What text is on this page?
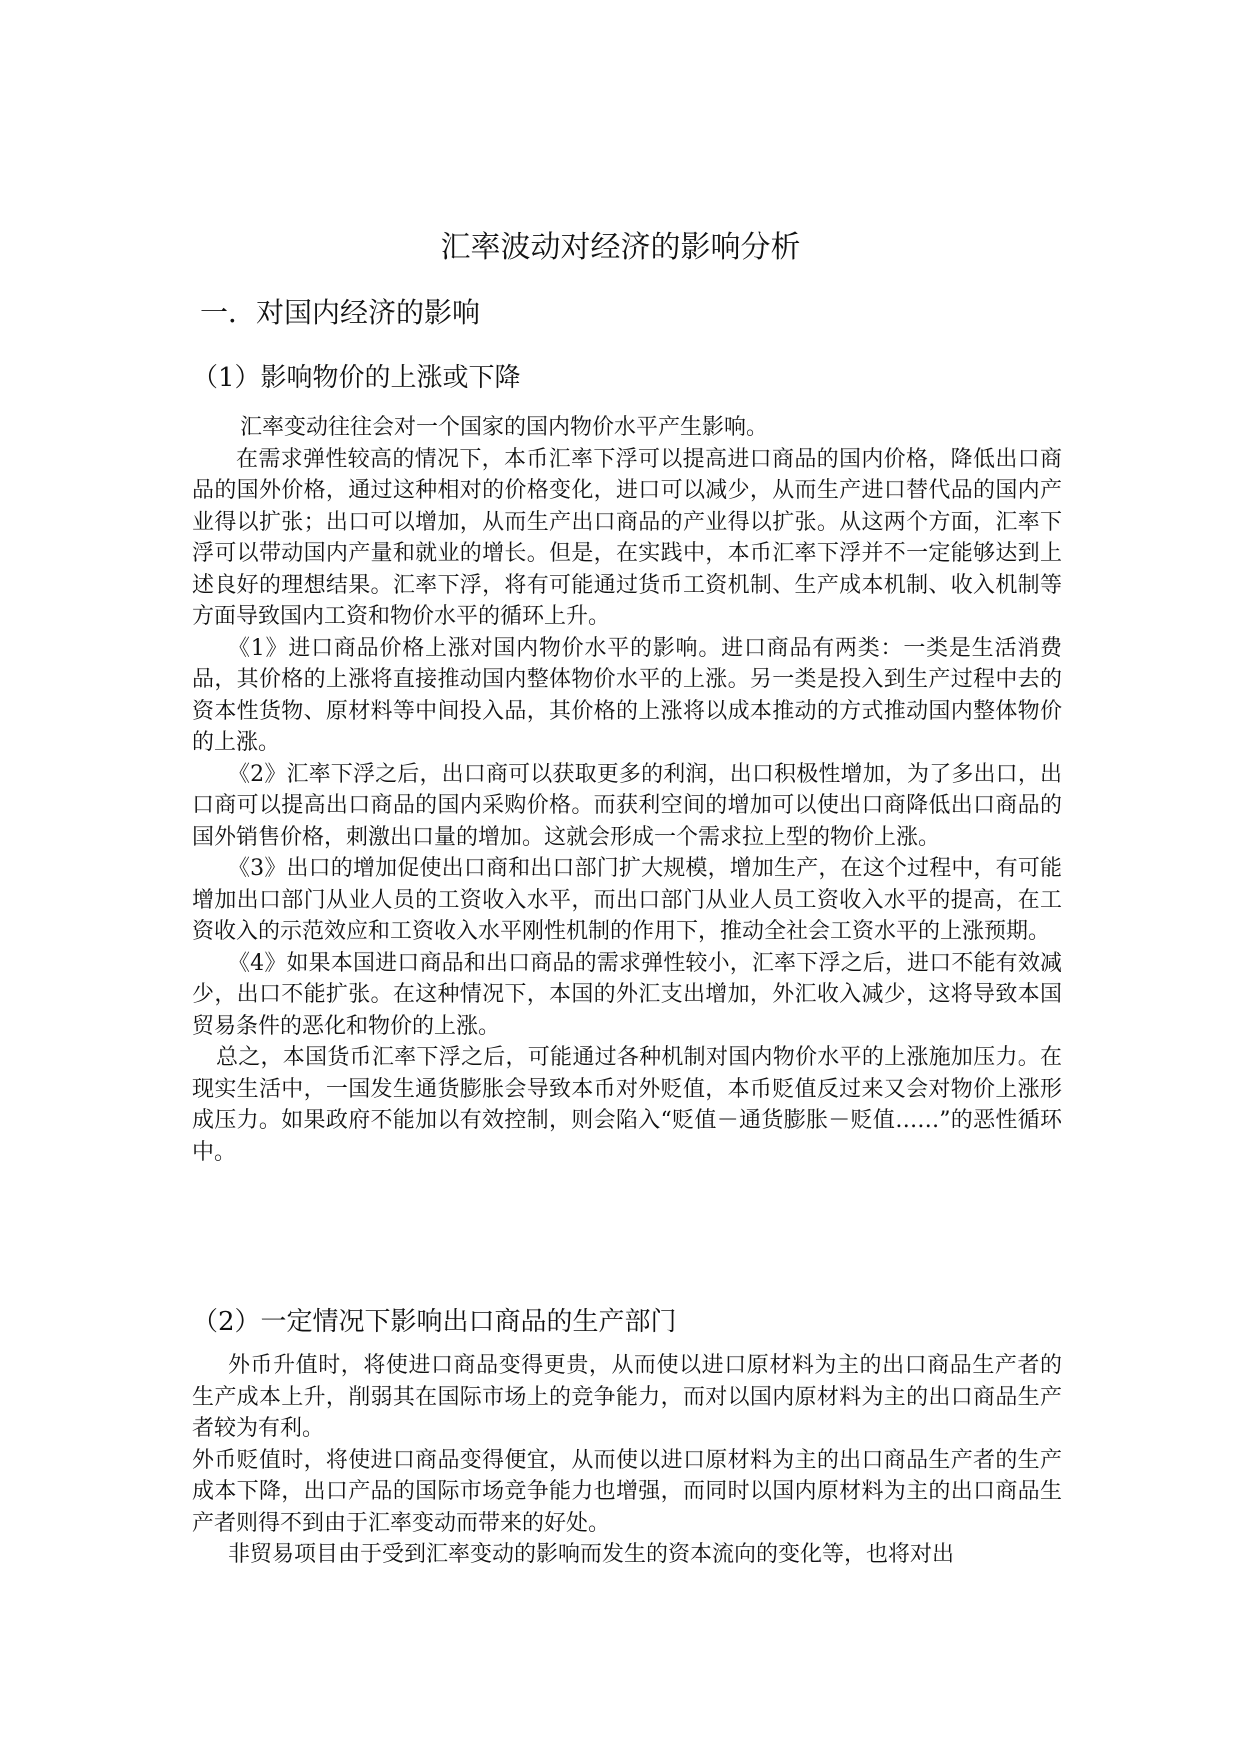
汇率波动对经济的影响分析
一．对国内经济的影响
（1）影响物价的上涨或下降

汇率变动往往会对一个国家的国内物价水平产生影响。

在需求弹性较高的情况下，本币汇率下浮可以提高进口商品的国内价格，降低出口商品的国外价格，通过这种相对的价格变化，进口可以减少，从而生产进口替代品的国内产业得以扩张；出口可以增加，从而生产出口商品的产业得以扩张。从这两个方面，汇率下浮可以带动国内产量和就业的增长。但是，在实践中，本币汇率下浮并不一定能够达到上述良好的理想结果。汇率下浮，将有可能通过货币工资机制、生产成本机制、收入机制等方面导致国内工资和物价水平的循环上升。

《1》进口商品价格上涨对国内物价水平的影响。进口商品有两类：一类是生活消费品，其价格的上涨将直接推动国内整体物价水平的上涨。另一类是投入到生产过程中去的资本性货物、原材料等中间投入品，其价格的上涨将以成本推动的方式推动国内整体物价的上涨。

《2》汇率下浮之后，出口商可以获取更多的利润，出口积极性增加，为了多出口，出口商可以提高出口商品的国内采购价格。而获利空间的增加可以使出口商降低出口商品的国外销售价格，刺激出口量的增加。这就会形成一个需求拉上型的物价上涨。

《3》出口的增加促使出口商和出口部门扩大规模，增加生产，在这个过程中，有可能增加出口部门从业人员的工资收入水平，而出口部门从业人员工资收入水平的提高，在工资收入的示范效应和工资收入水平刚性机制的作用下，推动全社会工资水平的上涨预期。

《4》如果本国进口商品和出口商品的需求弹性较小，汇率下浮之后，进口不能有效减少，出口不能扩张。在这种情况下，本国的外汇支出增加，外汇收入减少，这将导致本国贸易条件的恶化和物价的上涨。

总之，本国货币汇率下浮之后，可能通过各种机制对国内物价水平的上涨施加压力。在现实生活中，一国发生通货膨胀会导致本币对外贬值，本币贬值反过来又会对物价上涨形成压力。如果政府不能加以有效控制，则会陷入“贬值－通货膨胀－贬值……”的恶性循环中。

（2）一定情况下影响出口商品的生产部门

外币升值时，将使进口商品变得更贵，从而使以进口原材料为主的出口商品生产者的生产成本上升，削弱其在国际市场上的竞争能力，而对以国内原材料为主的出口商品生产者较为有利。

外币贬值时，将使进口商品变得便宜，从而使以进口原材料为主的出口商品生产者的生产成本下降，出口产品的国际市场竞争能力也增强，而同时以国内原材料为主的出口商品生产者则得不到由于汇率变动而带来的好处。

非贸易项目由于受到汇率变动的影响而发生的资本流向的变化等，也将对出
